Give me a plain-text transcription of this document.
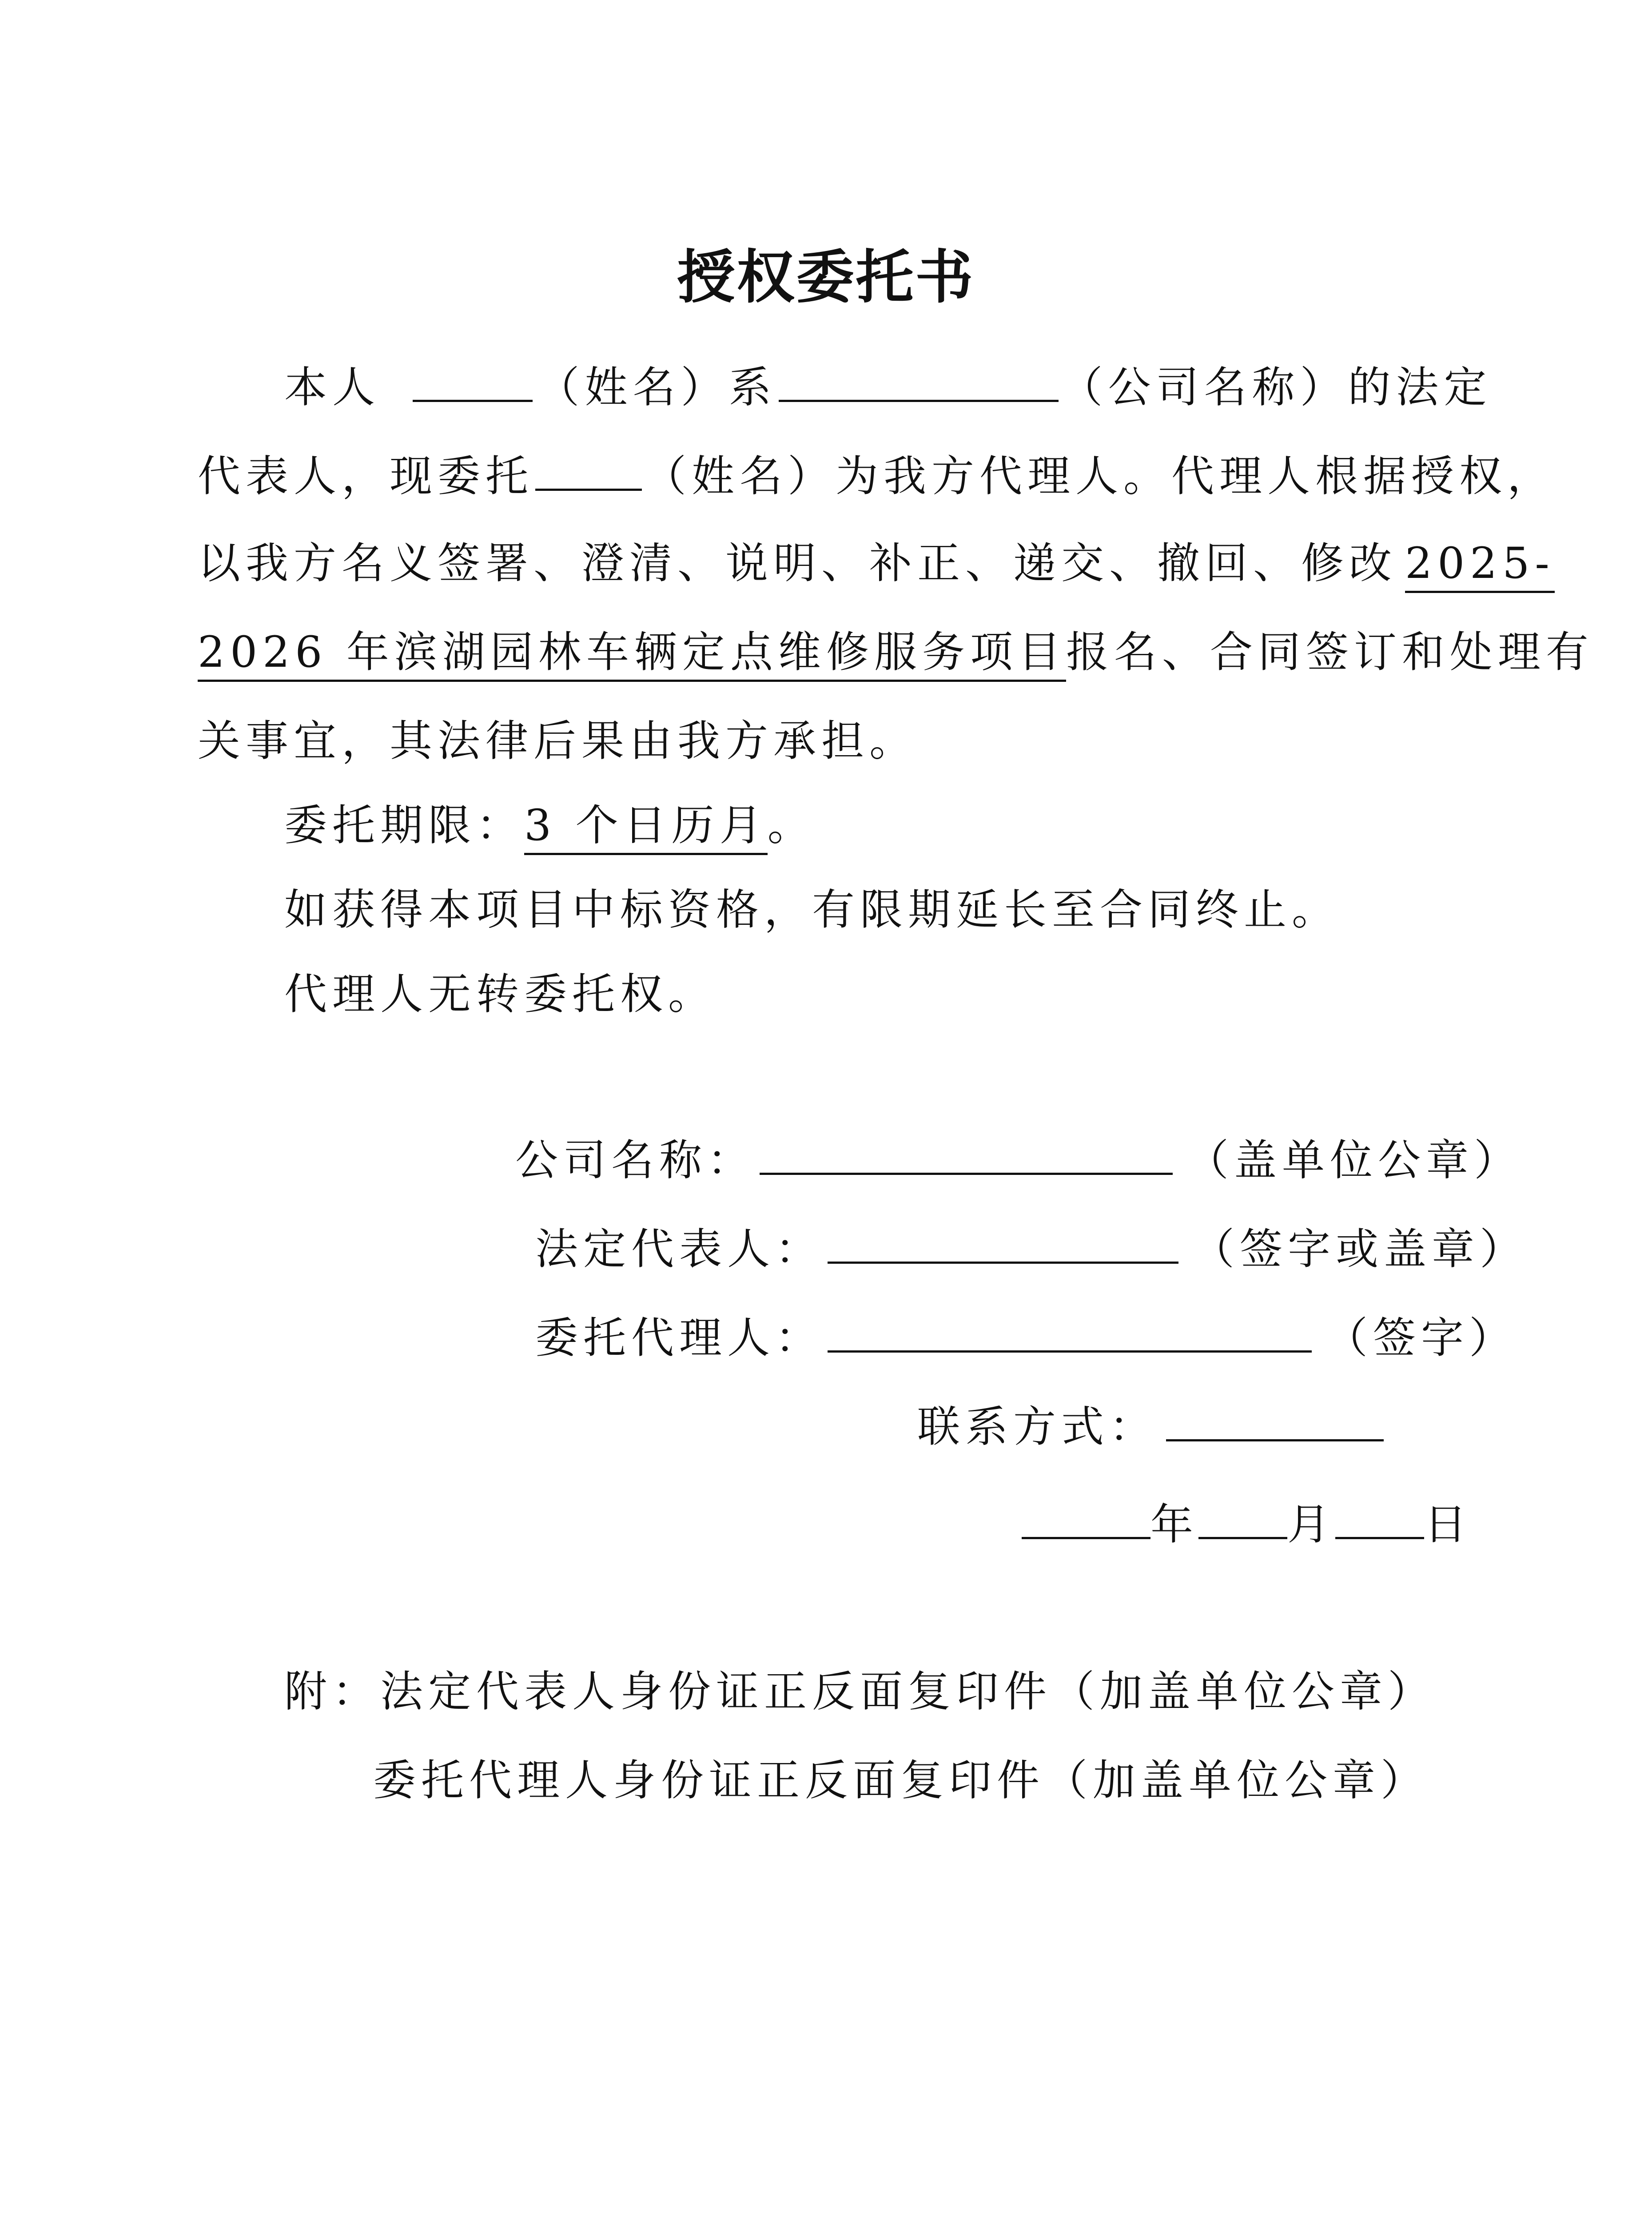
授权委托书
本人	（姓名）系	（公司名称）的法定
代表人，现委托	（姓名）为我方代理人。代理人根据授权，
以我方名义签署、澄清、说明、补正、递交、撤回、修改 2025-
2026 年滨湖园林车辆定点维修服务项目报名、合同签订和处理有
关事宜，其法律后果由我方承担。
委托期限：3 个日历月。
如获得本项目中标资格，有限期延长至合同终止。
代理人无转委托权。
公司名称：	（盖单位公章）
法定代表人：	（签字或盖章）
委托代理人：	（签字）
联系方式：
年 月 日
附：法定代表人身份证正反面复印件（加盖单位公章）
委托代理人身份证正反面复印件（加盖单位公章）
